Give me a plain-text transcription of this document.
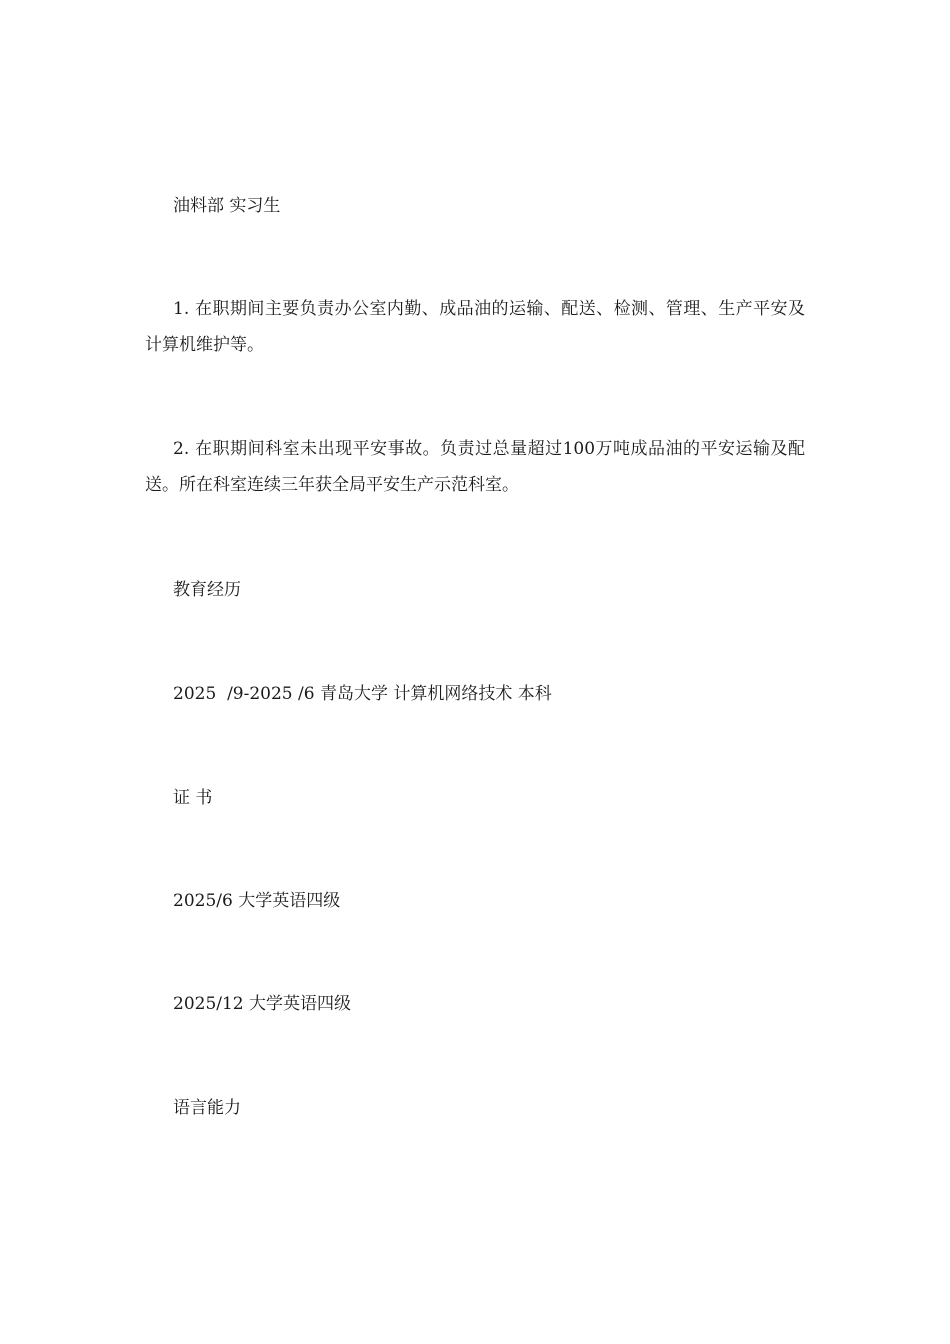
油料部 实习生
1. 在职期间主要负责办公室内勤、成品油的运输、配送、检测、管理、生产平安及计算机维护等。
2. 在职期间科室未出现平安事故。负责过总量超过100万吨成品油的平安运输及配送。所在科室连续三年获全局平安生产示范科室。
教育经历
2025  /9-2025 /6 青岛大学 计算机网络技术 本科
证 书
2025/6 大学英语四级
2025/12 大学英语四级
语言能力
